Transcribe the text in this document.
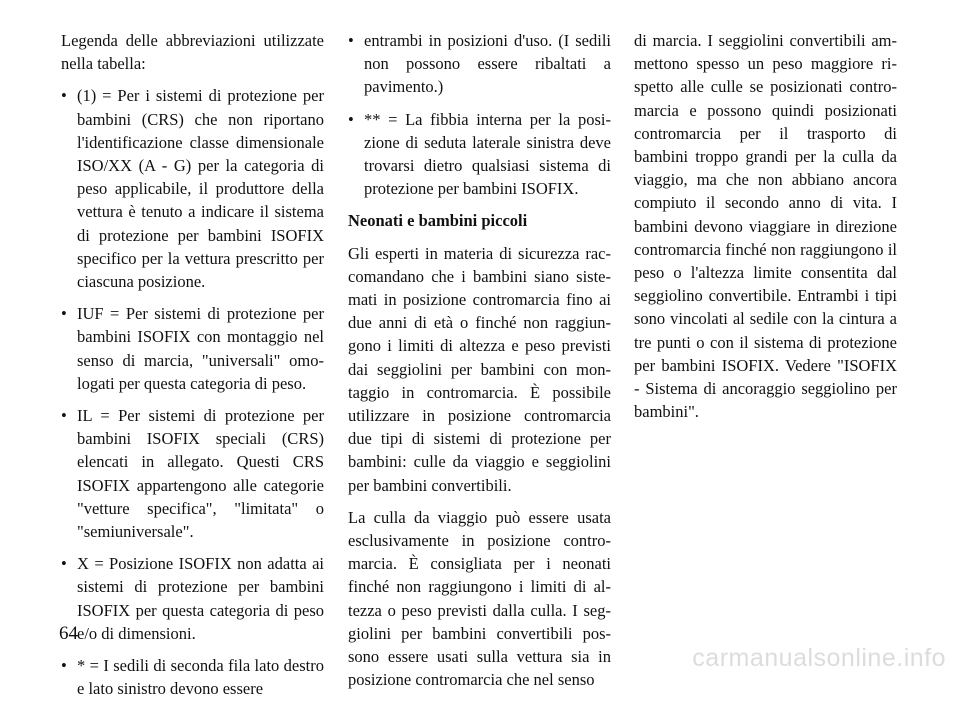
Legenda delle abbreviazioni utilizzate nella tabella:

• (1) = Per i sistemi di protezione per bambini (CRS) che non riportano l'identificazione classe dimensionale ISO/XX (A - G) per la categoria di peso applicabile, il produttore della vettura è tenuto a indicare il sistema di protezione per bambini ISOFIX specifico per la vettura prescritto per ciascuna posizione.
• IUF = Per sistemi di protezione per bambini ISOFIX con montaggio nel senso di marcia, "universali" omologati per questa categoria di peso.
• IL = Per sistemi di protezione per bambini ISOFIX speciali (CRS) elencati in allegato. Questi CRS ISOFIX appartengono alle categorie "vetture specifica", "limitata" o "semiuniversale".
• X = Posizione ISOFIX non adatta ai sistemi di protezione per bambini ISOFIX per questa categoria di peso e/o di dimensioni.
• * = I sedili di seconda fila lato destro e lato sinistro devono essere
• entrambi in posizioni d'uso. (I sedili non possono essere ribaltati a pavimento.)
• ** = La fibbia interna per la posizione di seduta laterale sinistra deve trovarsi dietro qualsiasi sistema di protezione per bambini ISOFIX.
Neonati e bambini piccoli

Gli esperti in materia di sicurezza raccomandano che i bambini siano sistemati in posizione contromarcia fino ai due anni di età o finché non raggiungono i limiti di altezza e peso previsti dai seggiolini per bambini con montaggio in contromarcia. È possibile utilizzare in posizione contromarcia due tipi di sistemi di protezione per bambini: culle da viaggio e seggiolini per bambini convertibili.

La culla da viaggio può essere usata esclusivamente in posizione contromarcia. È consigliata per i neonati finché non raggiungono i limiti di altezza o peso previsti dalla culla. I seggiolini per bambini convertibili possono essere usati sulla vettura sia in posizione contromarcia che nel senso

di marcia. I seggiolini convertibili ammettono spesso un peso maggiore rispetto alle culle se posizionati contromarcia e possono quindi posizionati contromarcia per il trasporto di bambini troppo grandi per la culla da viaggio, ma che non abbiano ancora compiuto il secondo anno di vita. I bambini devono viaggiare in direzione contromarcia finché non raggiungono il peso o l'altezza limite consentita dal seggiolino convertibile. Entrambi i tipi sono vincolati al sedile con la cintura a tre punti o con il sistema di protezione per bambini ISOFIX. Vedere "ISOFIX - Sistema di ancoraggio seggiolino per bambini".

64
carmanualsonline.info
